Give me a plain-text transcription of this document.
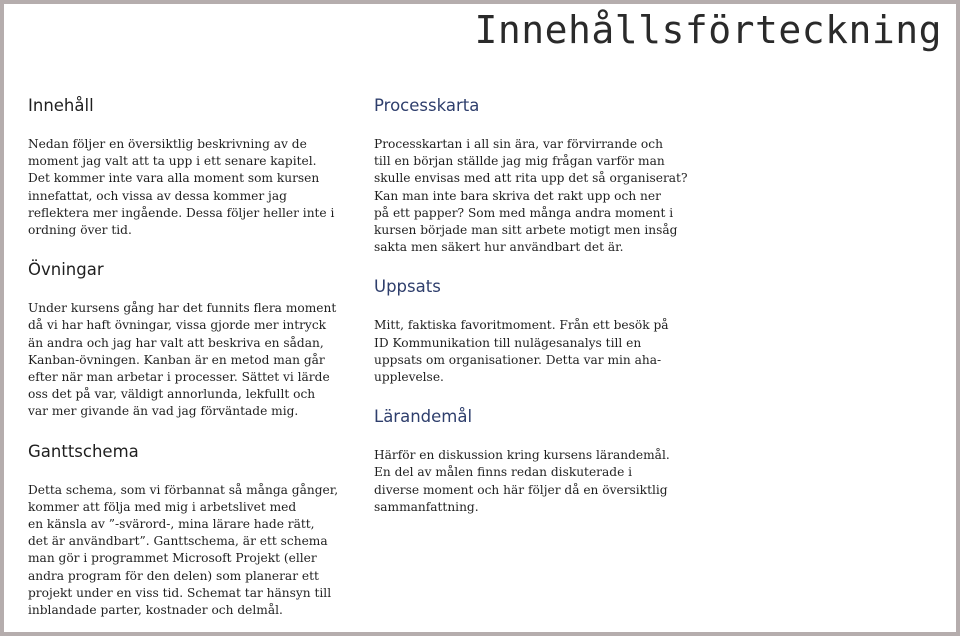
Innehållsförteckning
Innehåll

Nedan följer en översiktlig beskrivning av de
moment jag valt att ta upp i ett senare kapitel.
Det kommer inte vara alla moment som kursen
innefattat, och vissa av dessa kommer jag
reflektera mer ingående. Dessa följer heller inte i
ordning över tid.

Övningar

Under kursens gång har det funnits flera moment
då vi har haft övningar, vissa gjorde mer intryck
än andra och jag har valt att beskriva en sådan,
Kanban-övningen. Kanban är en metod man går
efter när man arbetar i processer. Sättet vi lärde
oss det på var, väldigt annorlunda, lekfullt och
var mer givande än vad jag förväntade mig.

Ganttschema

Detta schema, som vi förbannat så många gånger,
kommer att följa med mig i arbetslivet med
en känsla av ”-svärord-, mina lärare hade rätt,
det är användbart”. Ganttschema, är ett schema
man gör i programmet Microsoft Projekt (eller
andra program för den delen) som planerar ett
projekt under en viss tid. Schemat tar hänsyn till
inblandade parter, kostnader och delmål.

Processkarta

Processkartan i all sin ära, var förvirrande och
till en början ställde jag mig frågan varför man
skulle envisas med att rita upp det så organiserat?
Kan man inte bara skriva det rakt upp och ner
på ett papper? Som med många andra moment i
kursen började man sitt arbete motigt men insåg
sakta men säkert hur användbart det är.

Uppsats

Mitt, faktiska favoritmoment. Från ett besök på
ID Kommunikation till nulägesanalys till en
uppsats om organisationer. Detta var min aha-
upplevelse.

Lärandemål

Härför en diskussion kring kursens lärandemål.
En del av målen finns redan diskuterade i
diverse moment och här följer då en översiktlig
sammanfattning.
